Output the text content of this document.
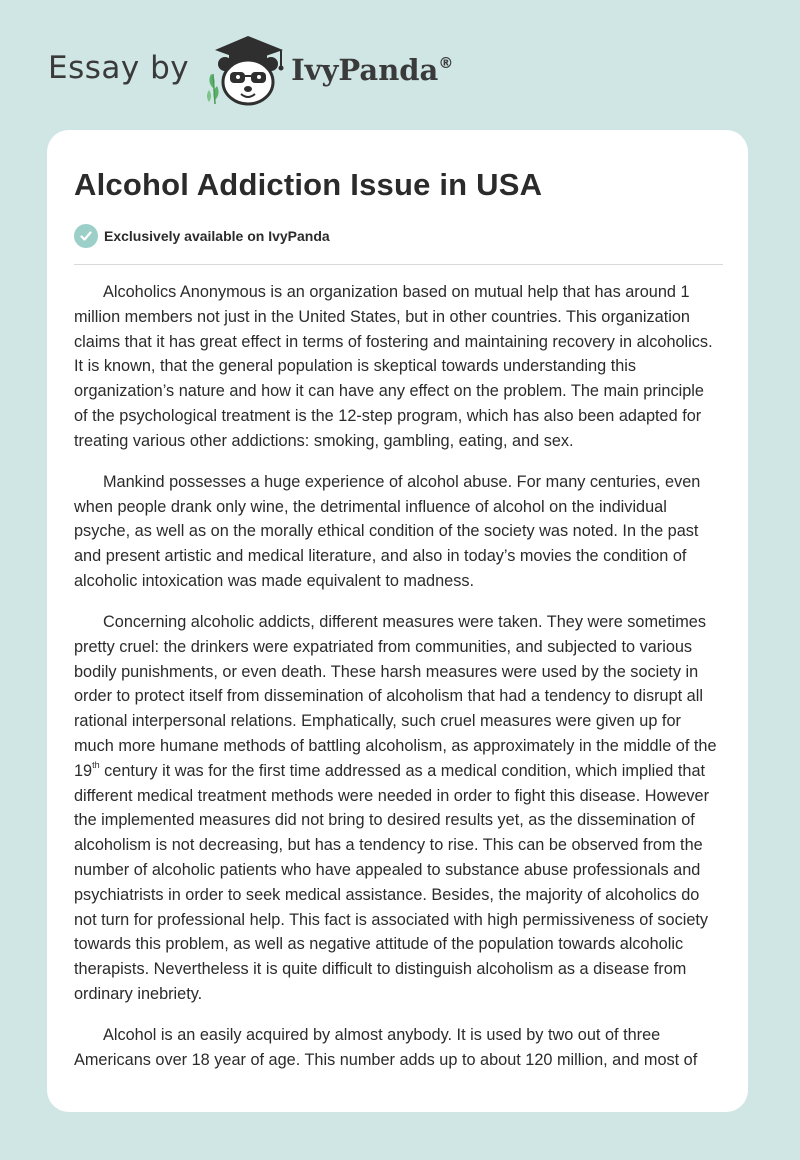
Essay by	IvyPanda®
Alcohol Addiction Issue in USA
Exclusively available on IvyPanda

Alcoholics Anonymous is an organization based on mutual help that has around 1 million members not just in the United States, but in other countries. This organization claims that it has great effect in terms of fostering and maintaining recovery in alcoholics. It is known, that the general population is skeptical towards understanding this organization’s nature and how it can have any effect on the problem. The main principle of the psychological treatment is the 12-step program, which has also been adapted for treating various other addictions: smoking, gambling, eating, and sex.

Mankind possesses a huge experience of alcohol abuse. For many centuries, even when people drank only wine, the detrimental influence of alcohol on the individual psyche, as well as on the morally ethical condition of the society was noted. In the past and present artistic and medical literature, and also in today’s movies the condition of alcoholic intoxication was made equivalent to madness.

Concerning alcoholic addicts, different measures were taken. They were sometimes pretty cruel: the drinkers were expatriated from communities, and subjected to various bodily punishments, or even death. These harsh measures were used by the society in order to protect itself from dissemination of alcoholism that had a tendency to disrupt all rational interpersonal relations. Emphatically, such cruel measures were given up for much more humane methods of battling alcoholism, as approximately in the middle of the 19th century it was for the first time addressed as a medical condition, which implied that different medical treatment methods were needed in order to fight this disease. However the implemented measures did not bring to desired results yet, as the dissemination of alcoholism is not decreasing, but has a tendency to rise. This can be observed from the number of alcoholic patients who have appealed to substance abuse professionals and psychiatrists in order to seek medical assistance. Besides, the majority of alcoholics do not turn for professional help. This fact is associated with high permissiveness of society towards this problem, as well as negative attitude of the population towards alcoholic therapists. Nevertheless it is quite difficult to distinguish alcoholism as a disease from ordinary inebriety.

Alcohol is an easily acquired by almost anybody. It is used by two out of three Americans over 18 year of age. This number adds up to about 120 million, and most of
